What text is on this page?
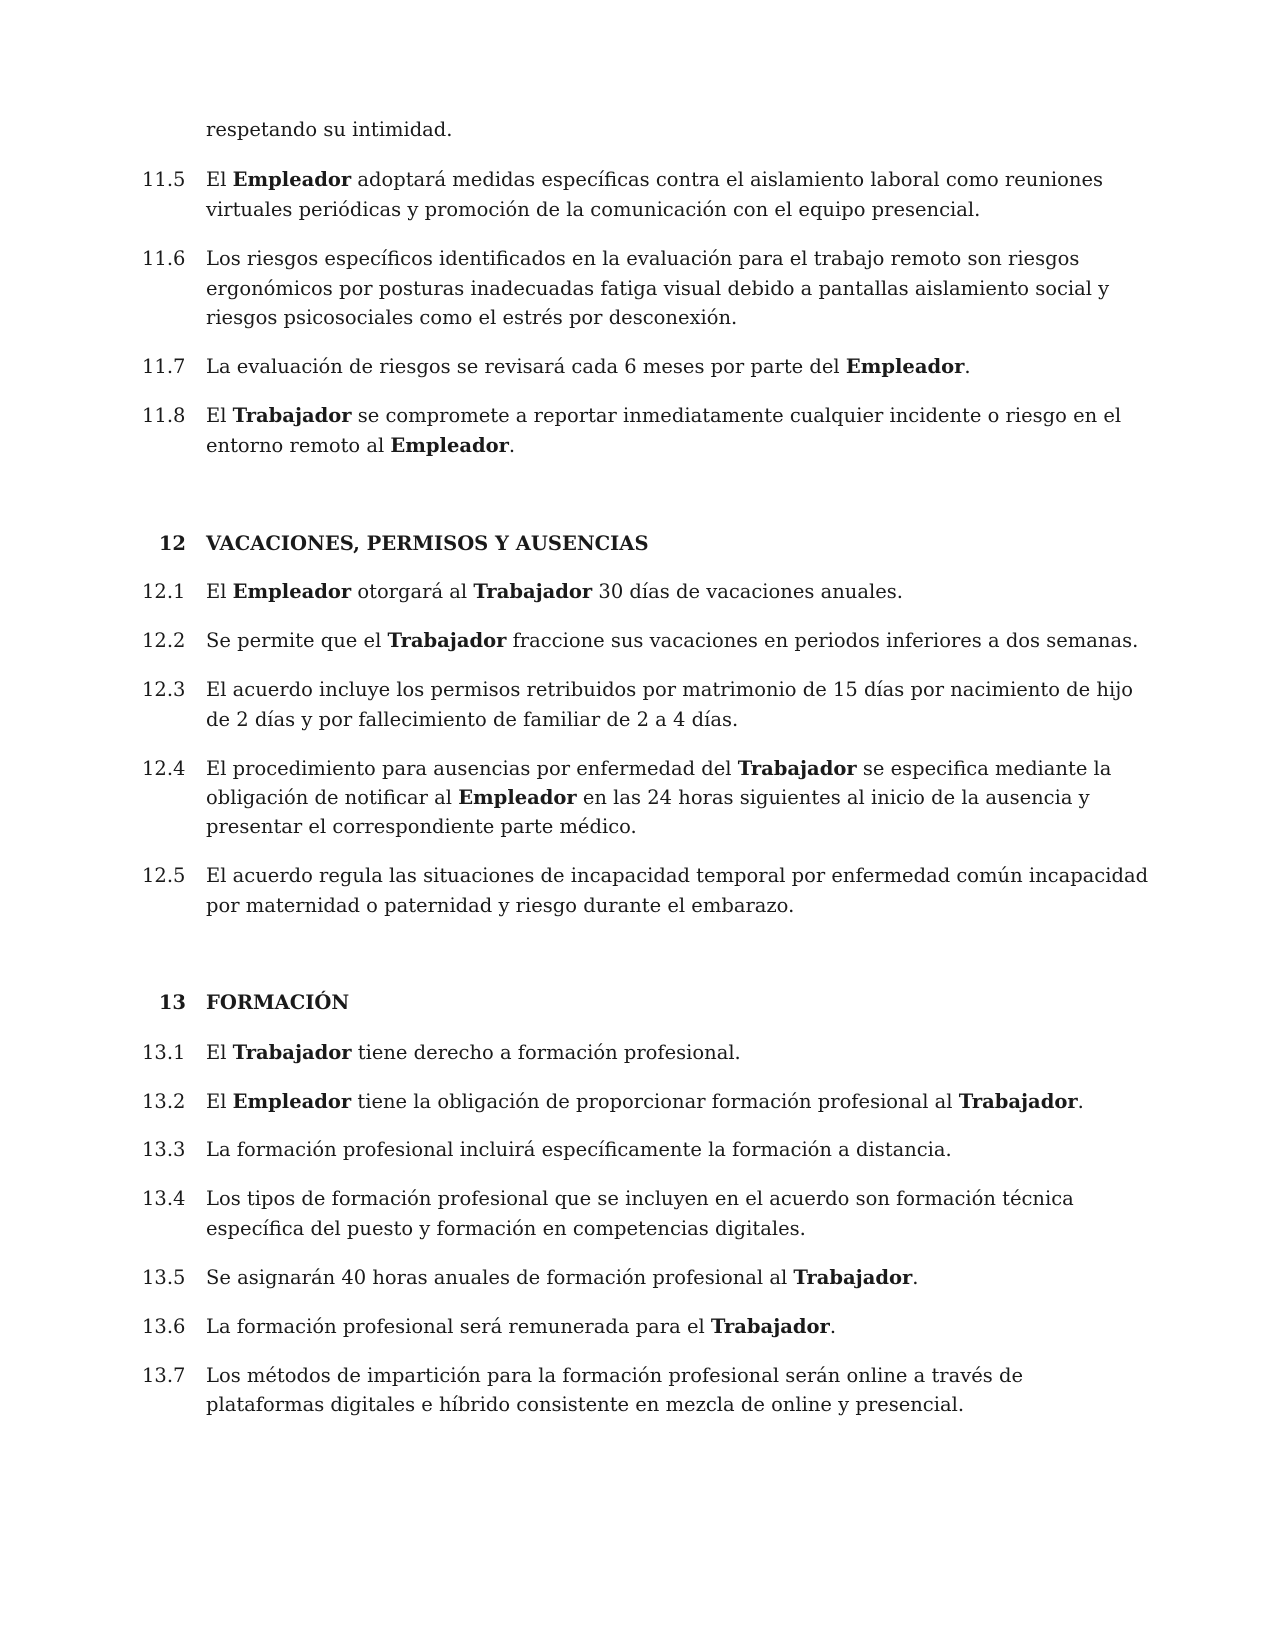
respetando su intimidad.
11.5 El Empleador adoptará medidas específicas contra el aislamiento laboral como reuniones
virtuales periódicas y promoción de la comunicación con el equipo presencial.
11.6 Los riesgos específicos identificados en la evaluación para el trabajo remoto son riesgos
ergonómicos por posturas inadecuadas fatiga visual debido a pantallas aislamiento social y
riesgos psicosociales como el estrés por desconexión.
11.7 La evaluación de riesgos se revisará cada 6 meses por parte del Empleador.
11.8 El Trabajador se compromete a reportar inmediatamente cualquier incidente o riesgo en el
entorno remoto al Empleador.
12 VACACIONES, PERMISOS Y AUSENCIAS
12.1 El Empleador otorgará al Trabajador 30 días de vacaciones anuales.
12.2 Se permite que el Trabajador fraccione sus vacaciones en periodos inferiores a dos semanas.
12.3 El acuerdo incluye los permisos retribuidos por matrimonio de 15 días por nacimiento de hijo
de 2 días y por fallecimiento de familiar de 2 a 4 días.
12.4 El procedimiento para ausencias por enfermedad del Trabajador se especifica mediante la
obligación de notificar al Empleador en las 24 horas siguientes al inicio de la ausencia y
presentar el correspondiente parte médico.
12.5 El acuerdo regula las situaciones de incapacidad temporal por enfermedad común incapacidad
por maternidad o paternidad y riesgo durante el embarazo.
13 FORMACIÓN
13.1 El Trabajador tiene derecho a formación profesional.
13.2 El Empleador tiene la obligación de proporcionar formación profesional al Trabajador.
13.3 La formación profesional incluirá específicamente la formación a distancia.
13.4 Los tipos de formación profesional que se incluyen en el acuerdo son formación técnica
específica del puesto y formación en competencias digitales.
13.5 Se asignarán 40 horas anuales de formación profesional al Trabajador.
13.6 La formación profesional será remunerada para el Trabajador.
13.7 Los métodos de impartición para la formación profesional serán online a través de
plataformas digitales e híbrido consistente en mezcla de online y presencial.
